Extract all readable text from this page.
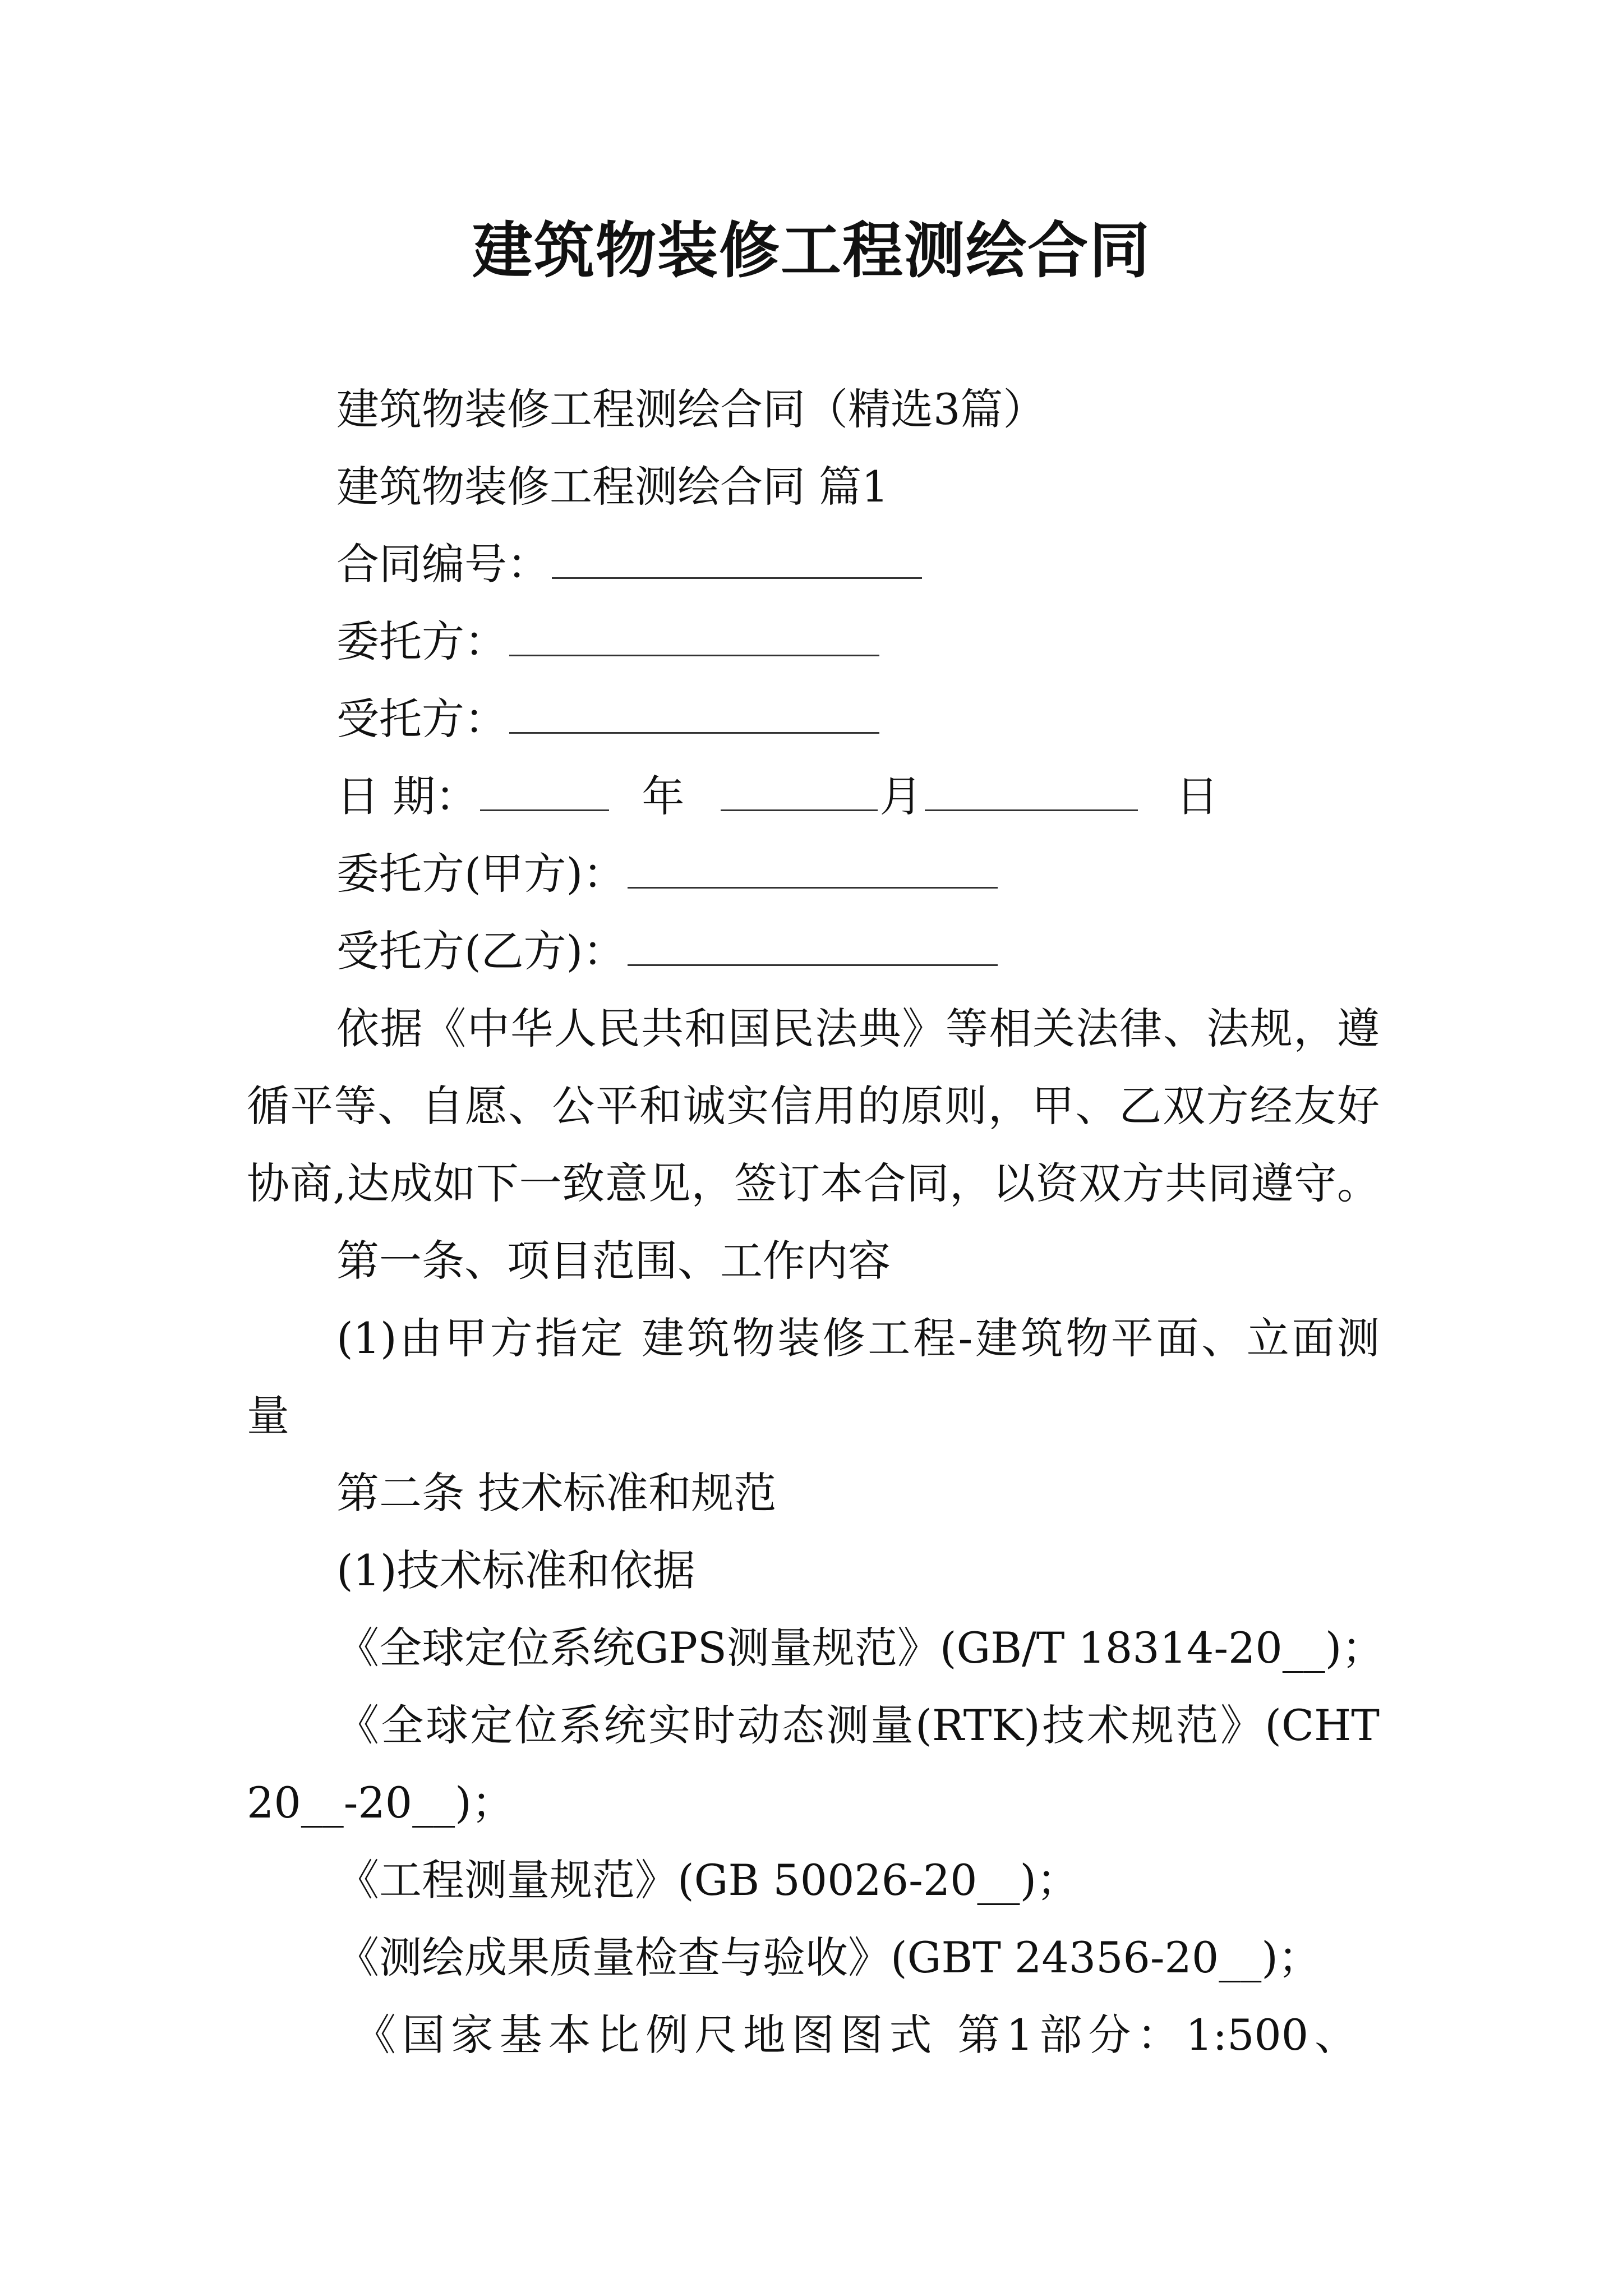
建筑物装修工程测绘合同
建筑物装修工程测绘合同（精选3篇）
建筑物装修工程测绘合同 篇1
合同编号：
委托方：
受托方：
日 期：	年	月	日
委托方(甲方)：
受托方(乙方)：
依据《中华人民共和国民法典》等相关法律、法规，遵
循平等、自愿、公平和诚实信用的原则，甲、乙双方经友好
协商,达成如下一致意见，签订本合同，以资双方共同遵守。
第一条、项目范围、工作内容
(1)由甲方指定 建筑物装修工程-建筑物平面、立面测
量
第二条 技术标准和规范
(1)技术标准和依据
《全球定位系统GPS测量规范》(GB/T 18314-20__)；
《全球定位系统实时动态测量(RTK)技术规范》(CHT
20__-20__)；
《工程测量规范》(GB 50026-20__)；
《测绘成果质量检查与验收》(GBT 24356-20__)；
《国家基本比例尺地图图式 第1部分：1:500、
